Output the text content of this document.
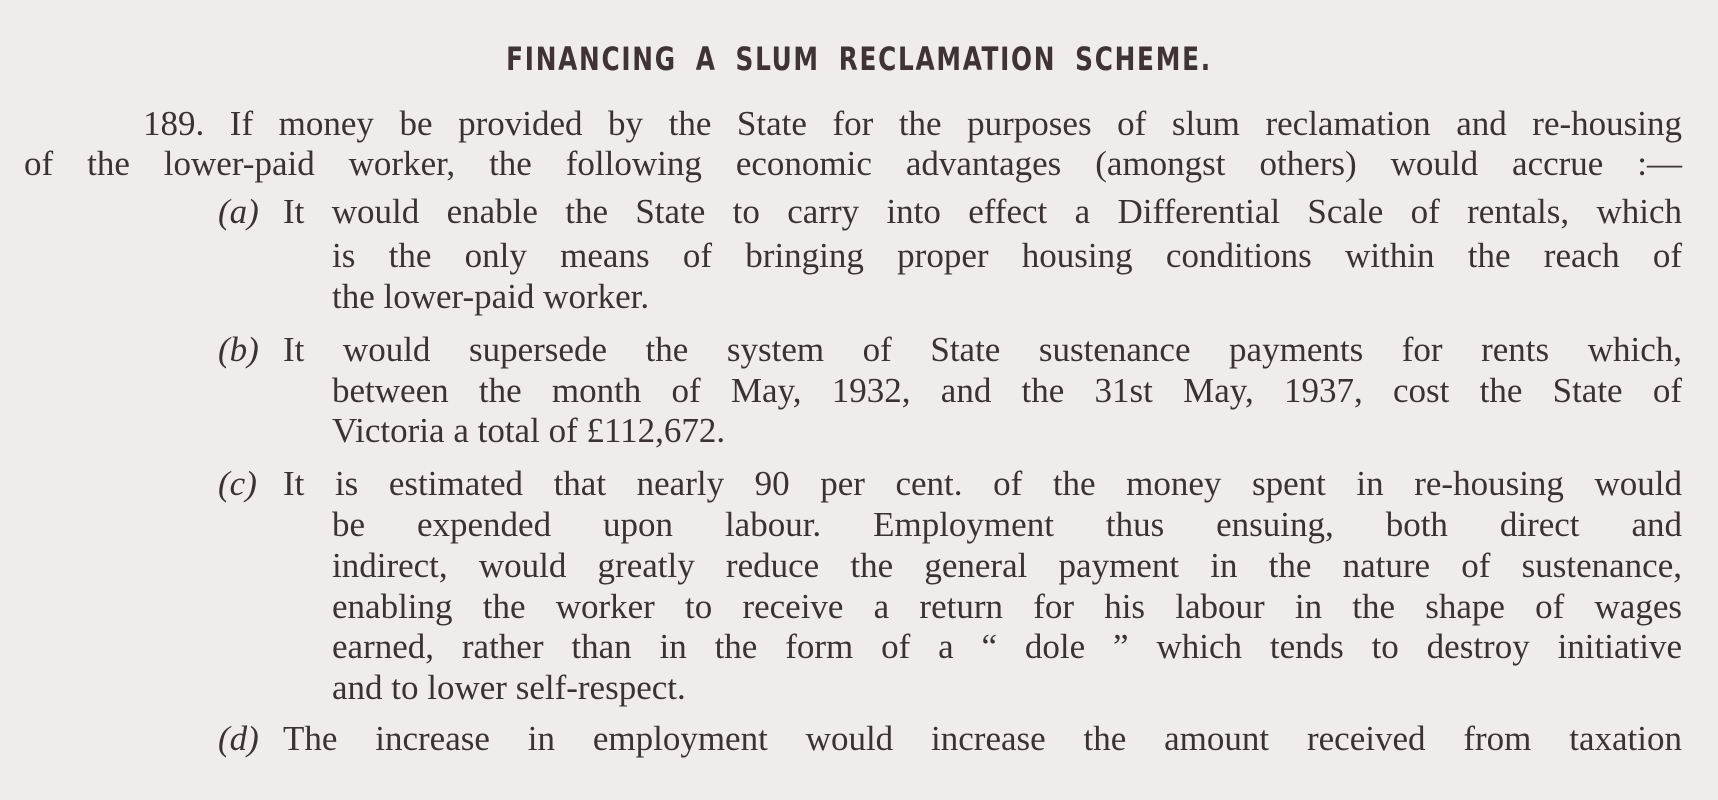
FINANCING A SLUM RECLAMATION SCHEME.
189. If money be provided by the State for the purposes of slum reclamation and re-housing
of the lower-paid worker, the following economic advantages (amongst others) would accrue :—
(a) It would enable the State to carry into effect a Differential Scale of rentals, which
is the only means of bringing proper housing conditions within the reach of
the lower-paid worker.
(b) It would supersede the system of State sustenance payments for rents which,
between the month of May, 1932, and the 31st May, 1937, cost the State of
Victoria a total of £112,672.
(c) It is estimated that nearly 90 per cent. of the money spent in re-housing would
be expended upon labour. Employment thus ensuing, both direct and
indirect, would greatly reduce the general payment in the nature of sustenance,
enabling the worker to receive a return for his labour in the shape of wages
earned, rather than in the form of a “ dole ” which tends to destroy initiative
and to lower self-respect.
(d) The increase in employment would increase the amount received from taxation
